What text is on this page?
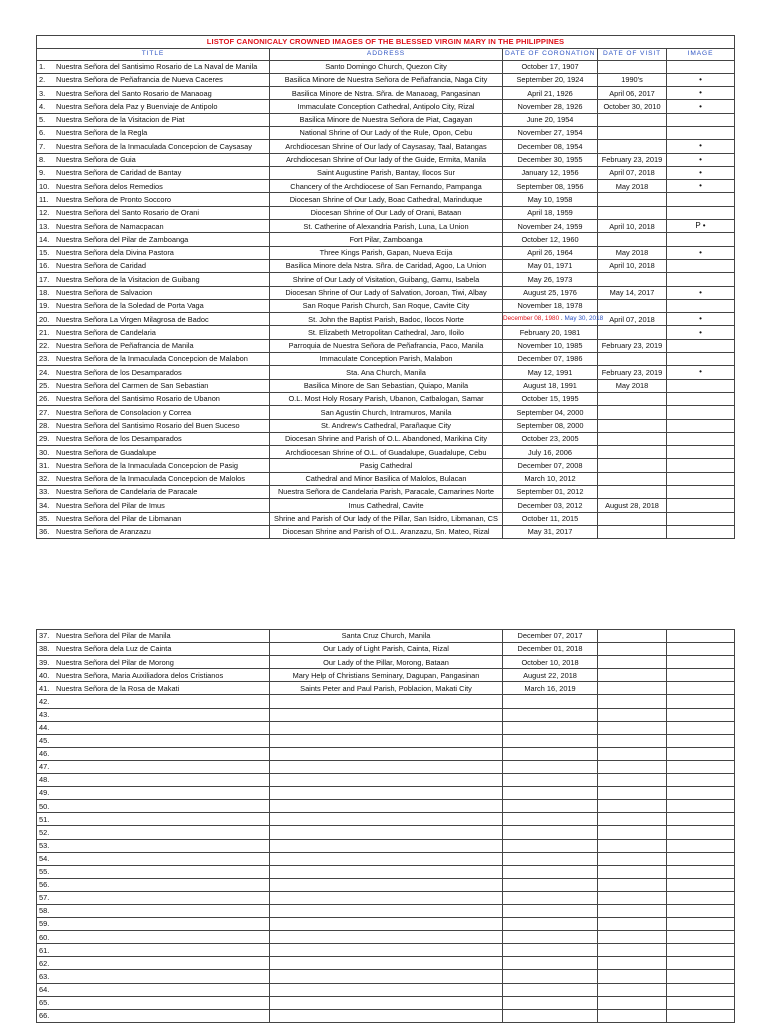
LISTOF CANONICALY CROWNED IMAGES OF THE BLESSED VIRGIN MARY IN THE PHILIPPINES				
TITLE	ADDRESS	DATE OF CORONATION	DATE OF VISIT	IMAGE
1. Nuestra Señora del Santisimo Rosario de La Naval de Manila	Santo Domingo Church, Quezon City	October 17, 1907		
2. Nuestra Señora de Peñafrancia de Nueva Caceres	Basilica Minore de Nuestra Señora de Peñafrancia, Naga City	September 20, 1924	1990's	•
3. Nuestra Señora del Santo Rosario de Manaoag	Basilica Minore de Nstra. Sñra. de Manaoag, Pangasinan	April 21, 1926	April 06, 2017	•
4. Nuestra Señora dela Paz y Buenviaje de Antipolo	Immaculate Conception Cathedral, Antipolo City, Rizal	November 28, 1926	October 30, 2010	•
5. Nuestra Señora de la Visitacion de Piat	Basilica Minore de Nuestra Señora de Piat, Cagayan	June 20, 1954		
6. Nuestra Señora de la Regla	National Shrine of Our Lady of the Rule, Opon, Cebu	November 27, 1954		
7. Nuestra Señora de la Inmaculada Concepcion de Caysasay	Archdiocesan Shrine of Our lady of Caysasay, Taal, Batangas	December 08, 1954		•
8. Nuestra Señora de Guia	Archdiocesan Shrine of Our lady of the Guide, Ermita, Manila	December 30, 1955	February 23, 2019	•
9. Nuestra Señora de Caridad de Bantay	Saint Augustine Parish, Bantay, Ilocos Sur	January 12, 1956	April 07, 2018	•
10. Nuestra Señora delos Remedios	Chancery of the Archdiocese of San Fernando, Pampanga	September 08, 1956	May 2018	•
11. Nuestra Señora de Pronto Soccoro	Diocesan Shrine of Our Lady, Boac Cathedral, Marinduque	May 10, 1958		
12. Nuestra Señora del Santo Rosario de Orani	Diocesan Shrine of Our Lady of Orani, Bataan	April 18, 1959		
13. Nuestra Señora de Namacpacan	St. Catherine of Alexandria Parish, Luna, La Union	November 24, 1959	April 10, 2018	P •
14. Nuestra Señora del Pilar de Zamboanga	Fort Pilar, Zamboanga	October 12, 1960		
15. Nuestra Señora dela Divina Pastora	Three Kings Parish, Gapan, Nueva Ecija	April 26, 1964	May 2018	•
16. Nuestra Señora de Caridad	Basilica Minore dela Nstra. Sñra. de Caridad, Agoo, La Union	May 01, 1971	April 10, 2018	
17. Nuestra Señora de la Visitacion de Guibang	Shrine of Our Lady of Visitation, Guibang, Gamu, Isabela	May 26, 1973		
18. Nuestra Señora de Salvacion	Diocesan Shrine of Our Lady of Salvation, Joroan, Tiwi, Albay	August 25, 1976	May 14, 2017	•
19. Nuestra Señora de la Soledad de Porta Vaga	San Roque Parish Church, San Roque, Cavite City	November 18, 1978		
20. Nuestra Señora La Virgen Milagrosa de Badoc	St. John the Baptist Parish, Badoc, Ilocos Norte	December 08, 1980 . May 30, 2018	April 07, 2018	•
21. Nuestra Señora de Candelaria	St. Elizabeth Metropolitan Cathedral, Jaro, Iloilo	February 20, 1981		•
22. Nuestra Señora de Peñafrancia de Manila	Parroquia de Nuestra Señora de Peñafrancia, Paco, Manila	November 10, 1985	February 23, 2019	
23. Nuestra Señora de la Inmaculada Concepcion de Malabon	Immaculate Conception Parish, Malabon	December 07, 1986		
24. Nuestra Señora de los Desamparados	Sta. Ana Church, Manila	May 12, 1991	February 23, 2019	•
25. Nuestra Señora del Carmen de San Sebastian	Basilica Minore de San Sebastian, Quiapo, Manila	August 18, 1991	May 2018	
26. Nuestra Señora del Santisimo Rosario de Ubanon	O.L. Most Holy Rosary Parish, Ubanon, Catbalogan, Samar	October 15, 1995		
27. Nuestra Señora de Consolacion y Correa	San Agustin Church, Intramuros, Manila	September 04, 2000		
28. Nuestra Señora del Santisimo Rosario del Buen Suceso	St. Andrew's Cathedral, Parañaque City	September 08, 2000		
29. Nuestra Señora de los Desamparados	Diocesan Shrine and Parish of O.L. Abandoned, Marikina City	October 23, 2005		
30. Nuestra Señora de Guadalupe	Archdiocesan Shrine of O.L. of Guadalupe, Guadalupe, Cebu	July 16, 2006		
31. Nuestra Señora de la Inmaculada Concepcion de Pasig	Pasig Cathedral	December 07, 2008		
32. Nuestra Señora de la Inmaculada Concepcion de Malolos	Cathedral and Minor Basilica of Malolos, Bulacan	March 10, 2012		
33. Nuestra Señora de Candelaria de Paracale	Nuestra Señora de Candelaria Parish, Paracale, Camarines Norte	September 01, 2012		
34. Nuestra Señora del Pilar de Imus	Imus Cathedral, Cavite	December 03, 2012	August 28, 2018	
35. Nuestra Señora del Pilar de Libmanan	Shrine and Parish of Our lady of the Pillar, San Isidro, Libmanan, CS	October 11, 2015		
36. Nuestra Señora de Aranzazu	Diocesan Shrine and Parish of O.L. Aranzazu, Sn. Mateo, Rizal	May 31, 2017		
37. Nuestra Señora del Pilar de Manila	Santa Cruz Church, Manila	December 07, 2017		
38. Nuestra Señora dela Luz de Cainta	Our Lady of Light Parish, Cainta, Rizal	December 01, 2018		
39. Nuestra Señora del Pilar de Morong	Our Lady of the Pillar, Morong, Bataan	October 10, 2018		
40. Nuestra Señora, Maria Auxiliadora delos Cristianos	Mary Help of Christians Seminary, Dagupan, Pangasinan	August 22, 2018		
41. Nuestra Señora de la Rosa de Makati	Saints Peter and Paul Parish, Poblacion, Makati City	March 16, 2019		
42.				
43.				
44.				
45.				
46.				
47.				
48.				
49.				
50.				
51.				
52.				
53.				
54.				
55.				
56.				
57.				
58.				
59.				
60.				
61.				
62.				
63.				
64.				
65.				
66.				
